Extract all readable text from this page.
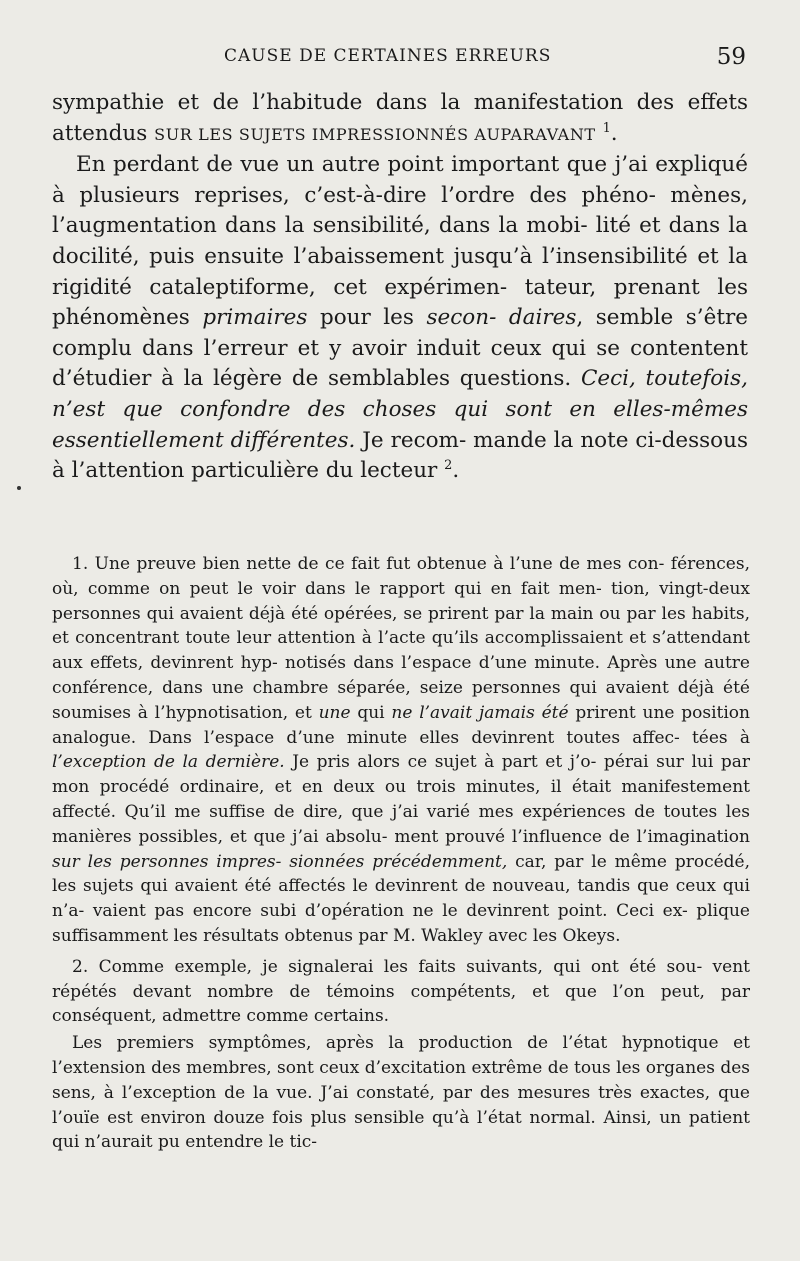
CAUSE DE CERTAINES ERREURS	59

sympathie et de l’habitude dans la manifestation des effets attendus SUR LES SUJETS IMPRESSIONNÉS AUPARAVANT $^1$.

En perdant de vue un autre point important que j’ai expliqué à plusieurs reprises, c’est-à-dire l’ordre des phéno- mènes, l’augmentation dans la sensibilité, dans la mobi- lité et dans la docilité, puis ensuite l’abaissement jusqu’à l’insensibilité et la rigidité cataleptiforme, cet expérimen- tateur, prenant les phénomènes primaires pour les secon- daires, semble s’être complu dans l’erreur et y avoir induit ceux qui se contentent d’étudier à la légère de semblables questions. Ceci, toutefois, n’est que confondre des choses qui sont en elles-mêmes essentiellement différentes. Je recom- mande la note ci-dessous à l’attention particulière du lecteur $^2$.

1. Une preuve bien nette de ce fait fut obtenue à l’une de mes con- férences, où, comme on peut le voir dans le rapport qui en fait men- tion, vingt-deux personnes qui avaient déjà été opérées, se prirent par la main ou par les habits, et concentrant toute leur attention à l’acte qu’ils accomplissaient et s’attendant aux effets, devinrent hyp- notisés dans l’espace d’une minute. Après une autre conférence, dans une chambre séparée, seize personnes qui avaient déjà été soumises à l’hypnotisation, et une qui ne l’avait jamais été prirent une position analogue. Dans l’espace d’une minute elles devinrent toutes affec- tées à l’exception de la dernière. Je pris alors ce sujet à part et j’o- pérai sur lui par mon procédé ordinaire, et en deux ou trois minutes, il était manifestement affecté. Qu’il me suffise de dire, que j’ai varié mes expériences de toutes les manières possibles, et que j’ai absolu- ment prouvé l’influence de l’imagination sur les personnes impres- sionnées précédemment, car, par le même procédé, les sujets qui avaient été affectés le devinrent de nouveau, tandis que ceux qui n’a- vaient pas encore subi d’opération ne le devinrent point. Ceci ex- plique suffisamment les résultats obtenus par M. Wakley avec les Okeys.

2. Comme exemple, je signalerai les faits suivants, qui ont été sou- vent répétés devant nombre de témoins compétents, et que l’on peut, par conséquent, admettre comme certains.

Les premiers symptômes, après la production de l’état hypnotique et l’extension des membres, sont ceux d’excitation extrême de tous les organes des sens, à l’exception de la vue. J’ai constaté, par des mesures très exactes, que l’ouïe est environ douze fois plus sensible qu’à l’état normal. Ainsi, un patient qui n’aurait pu entendre le tic-
